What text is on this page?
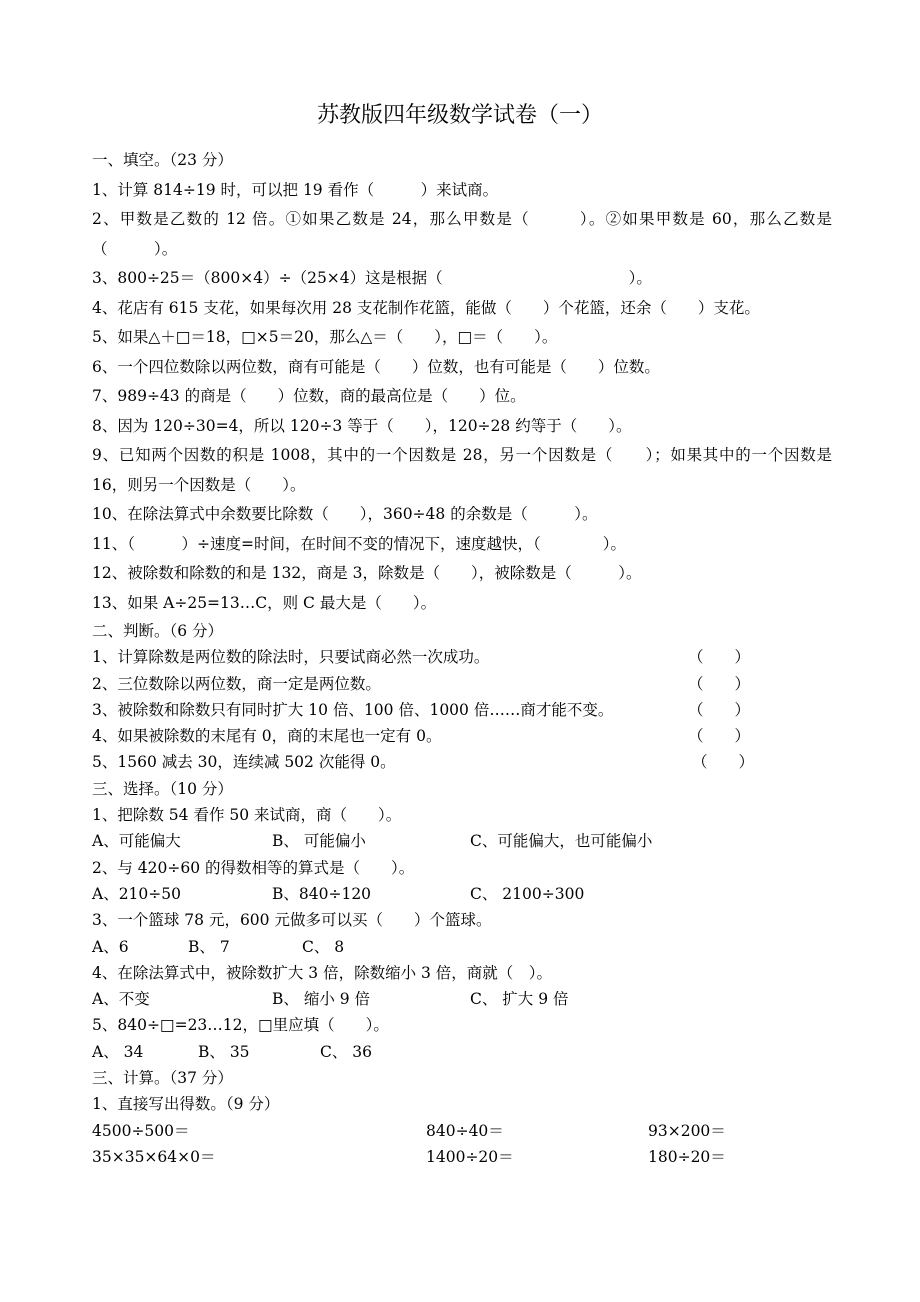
苏教版四年级数学试卷（一）
一、填空。（23 分）
1、计算 814÷19 时，可以把 19 看作（　　　）来试商。
2、甲数是乙数的 12 倍。①如果乙数是 24，那么甲数是（　　　）。②如果甲数是 60，那么乙数是（　　　）。
3、800÷25＝（800×4）÷（25×4）这是根据（　　　　　　　　　　　　）。
4、花店有 615 支花，如果每次用 28 支花制作花篮，能做（　　）个花篮，还余（　　）支花。
5、如果△＋□＝18，□×5＝20，那么△＝（　　），□＝（　　）。
6、一个四位数除以两位数，商有可能是（　　）位数，也有可能是（　　）位数。
7、989÷43 的商是（　　）位数，商的最高位是（　　）位。
8、因为 120÷30=4，所以 120÷3 等于（　　），120÷28 约等于（　　）。
9、已知两个因数的积是 1008，其中的一个因数是 28，另一个因数是（　　）；如果其中的一个因数是 16，则另一个因数是（　　）。
10、在除法算式中余数要比除数（　　），360÷48 的余数是（　　　）。
11、（　　　）÷速度=时间，在时间不变的情况下，速度越快，（　　　　）。
12、被除数和除数的和是 132，商是 3，除数是（　　），被除数是（　　　）。
13、如果 A÷25=13…C，则 C 最大是（　　）。
二、判断。（6 分）
1、计算除数是两位数的除法时，只要试商必然一次成功。	（　　）
2、三位数除以两位数，商一定是两位数。	（　　）
3、被除数和除数只有同时扩大 10 倍、100 倍、1000 倍……商才能不变。	（　　）
4、如果被除数的末尾有 0，商的末尾也一定有 0。	（　　）
5、1560 减去 30，连续减 502 次能得 0。	（　　）
三、选择。（10 分）
1、把除数 54 看作 50 来试商，商（　　）。
A、可能偏大	B、 可能偏小	C、可能偏大，也可能偏小
2、与 420÷60 的得数相等的算式是（　　）。
A、210÷50	B、840÷120	C、 2100÷300
3、一个篮球 78 元，600 元做多可以买（　　）个篮球。
A、6	B、 7	C、 8
4、在除法算式中，被除数扩大 3 倍，除数缩小 3 倍，商就（　）。
A、不变	B、 缩小 9 倍	C、 扩大 9 倍
5、840÷□=23…12，□里应填（　　）。
A、 34	B、 35	C、 36
三、计算。（37 分）
1、直接写出得数。（9 分）
4500÷500＝	840÷40＝	93×200＝
35×35×64×0＝	1400÷20＝	180÷20＝
